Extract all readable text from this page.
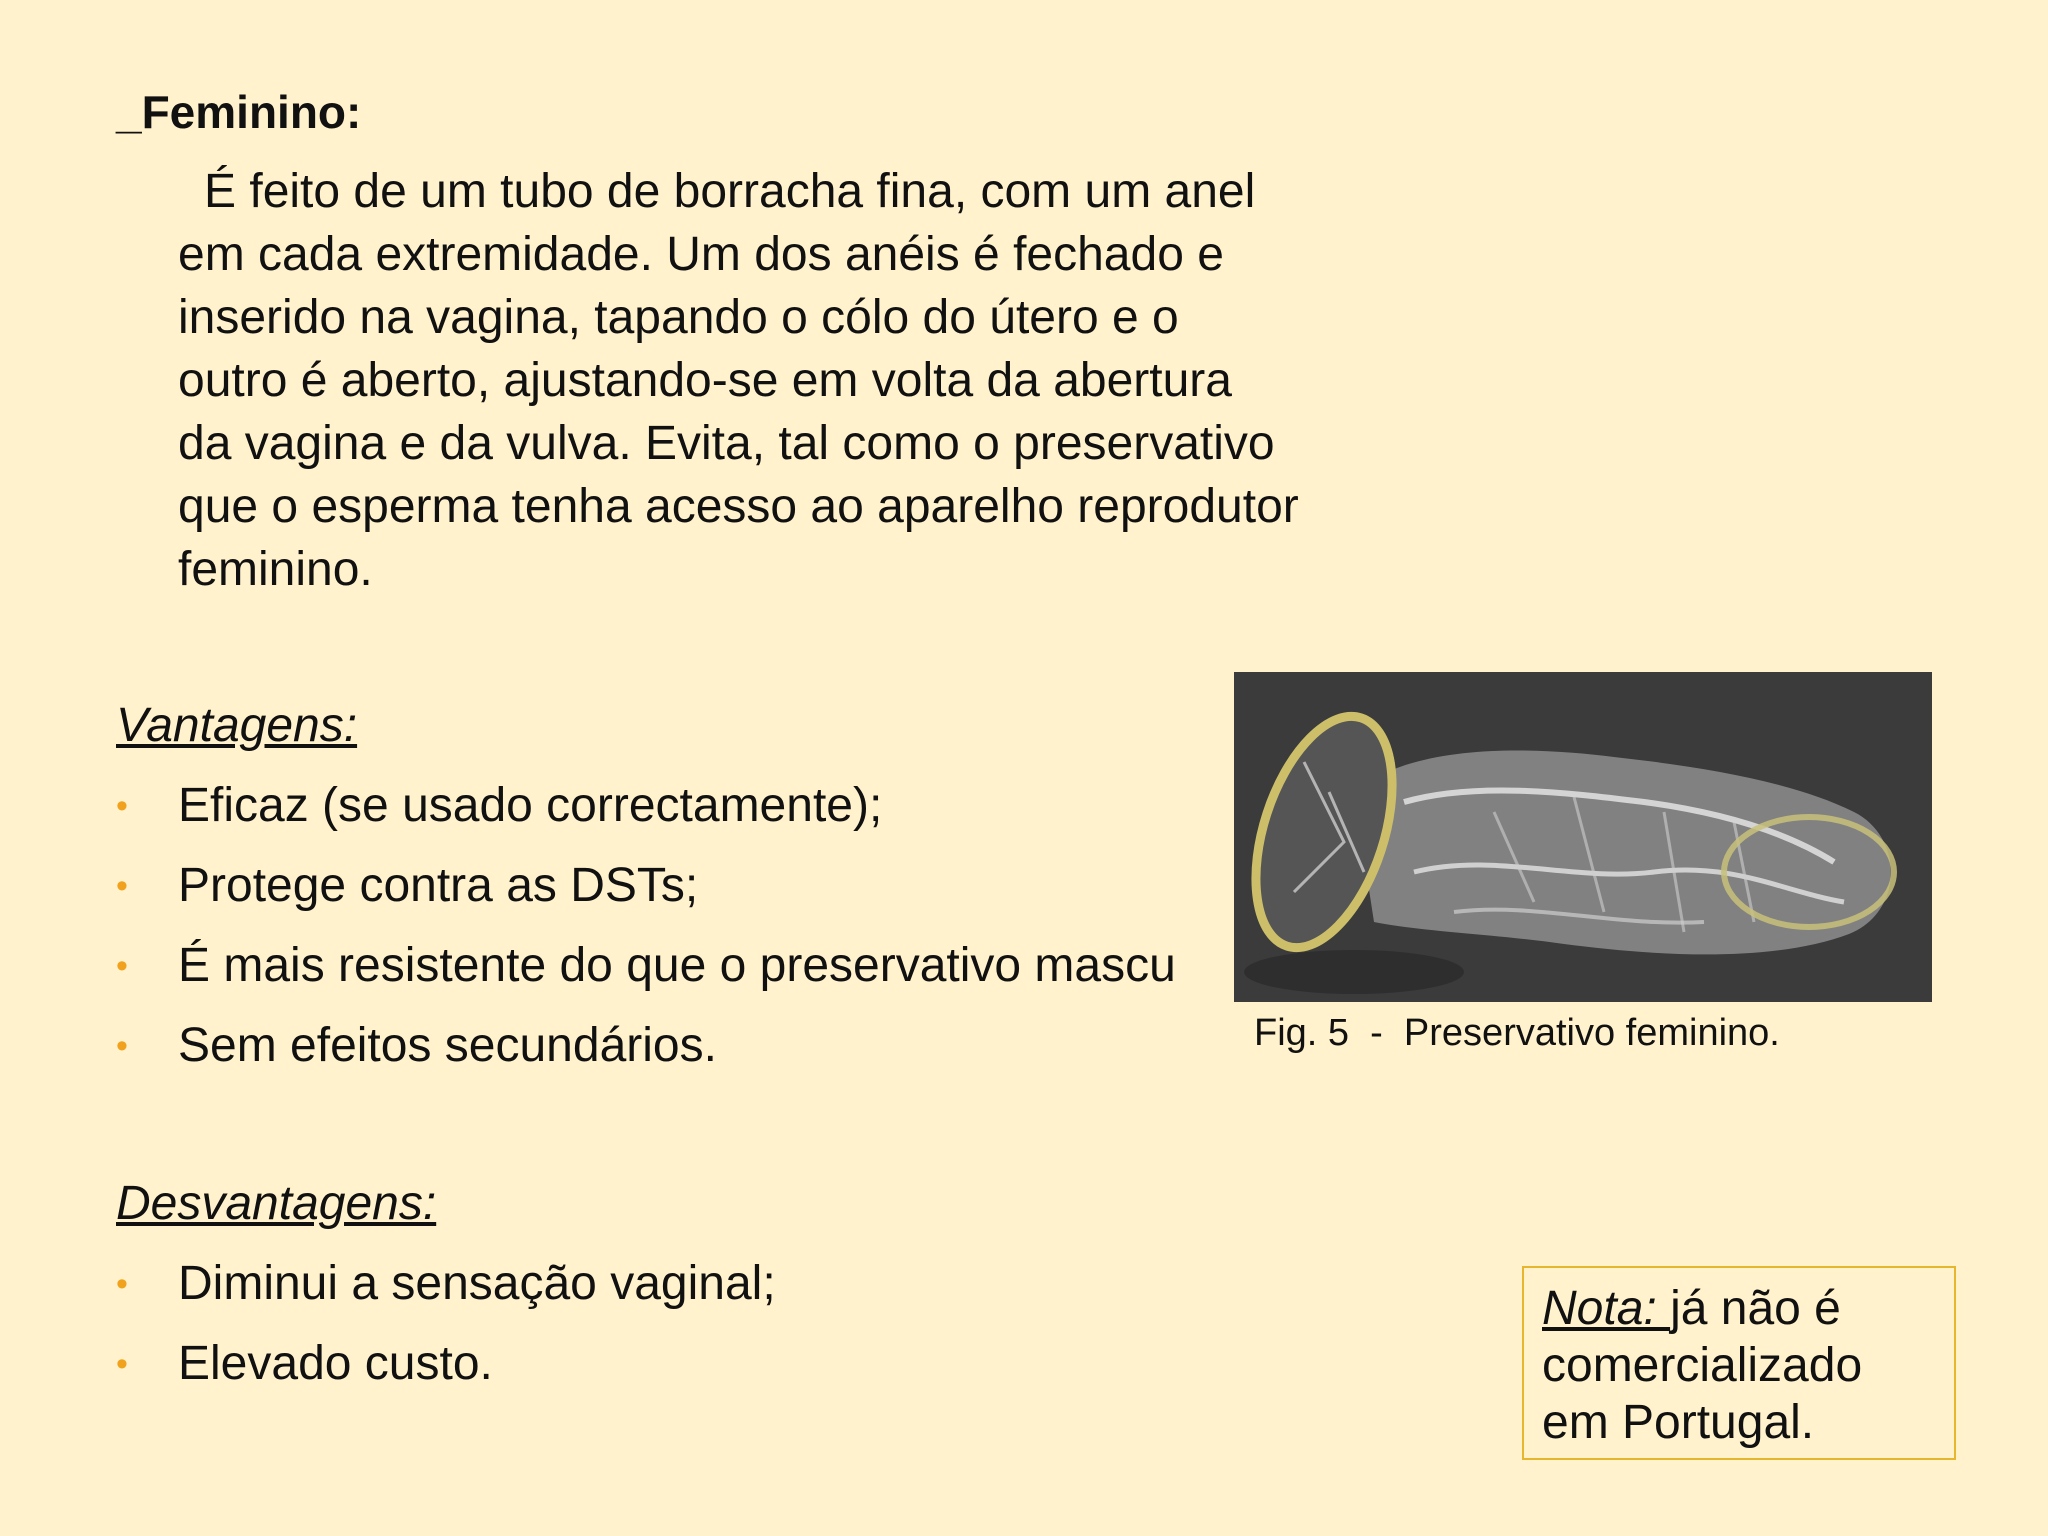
_Feminino:
É feito de um tubo de borracha fina, com um anel
em cada extremidade. Um dos anéis é fechado e
inserido na vagina, tapando o cólo do útero e o
outro é aberto, ajustando-se em volta da abertura
da vagina e da vulva. Evita, tal como o preservativo
que o esperma tenha acesso ao aparelho reprodutor
feminino.
Vantagens:
• Eficaz (se usado correctamente);
• Protege contra as DSTs;
• É mais resistente do que o preservativo mascu
• Sem efeitos secundários.	Fig. 5  -  Preservativo feminino.
Desvantagens:
• Diminui a sensação vaginal;
• Elevado custo.
Nota: já não é comercializado em Portugal.
